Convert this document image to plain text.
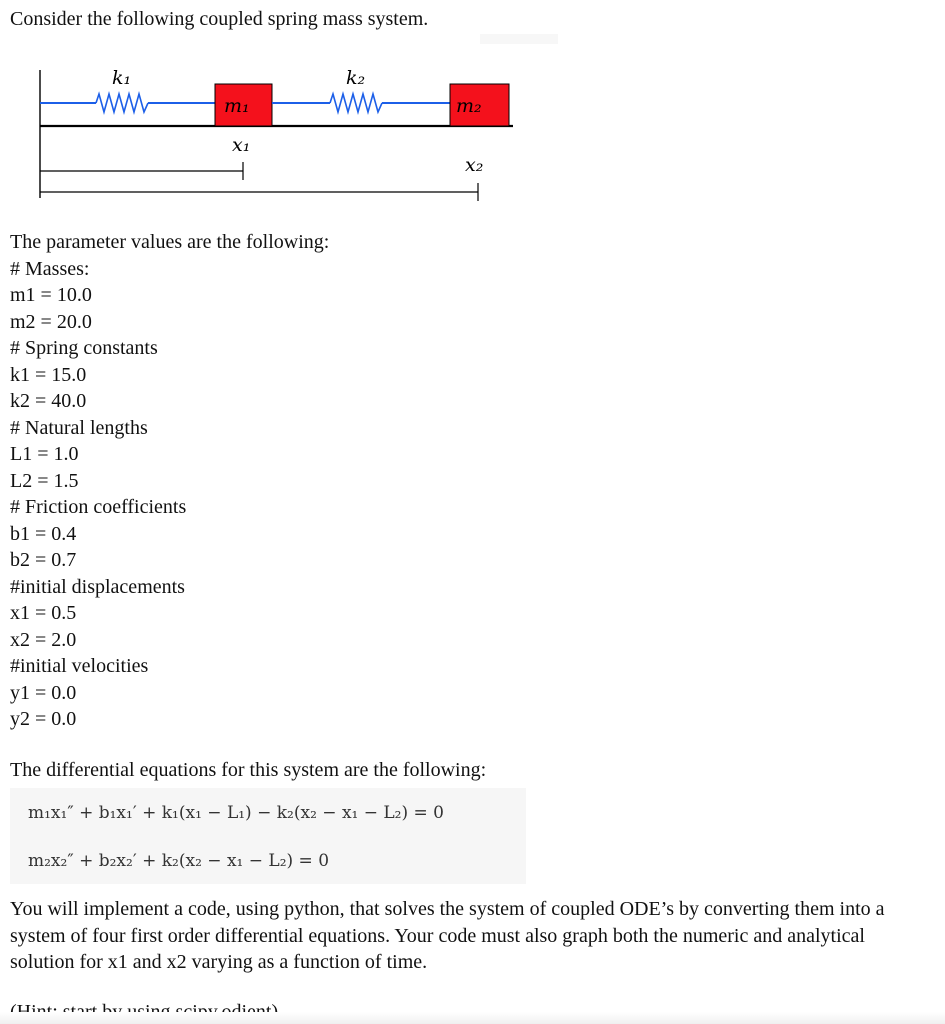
Consider the following coupled spring mass system.

k₁
m₁
k₂
m₂
x₁
x₂
The parameter values are the following:
# Masses:
m1 = 10.0
m2 = 20.0
# Spring constants
k1 = 15.0
k2 = 40.0
# Natural lengths
L1 = 1.0
L2 = 1.5
# Friction coefficients
b1 = 0.4
b2 = 0.7
#initial displacements
x1 = 0.5
x2 = 2.0
#initial velocities
y1 = 0.0
y2 = 0.0
The differential equations for this system are the following:
m₁x₁″ + b₁x₁′ + k₁(x₁ − L₁) − k₂(x₂ − x₁ − L₂) = 0
m₂x₂″ + b₂x₂′ + k₂(x₂ − x₁ − L₂) = 0
You will implement a code, using python, that solves the system of coupled ODE’s by converting them into a system of four first order differential equations. Your code must also graph both the numeric and analytical solution for x1 and x2 varying as a function of time.
